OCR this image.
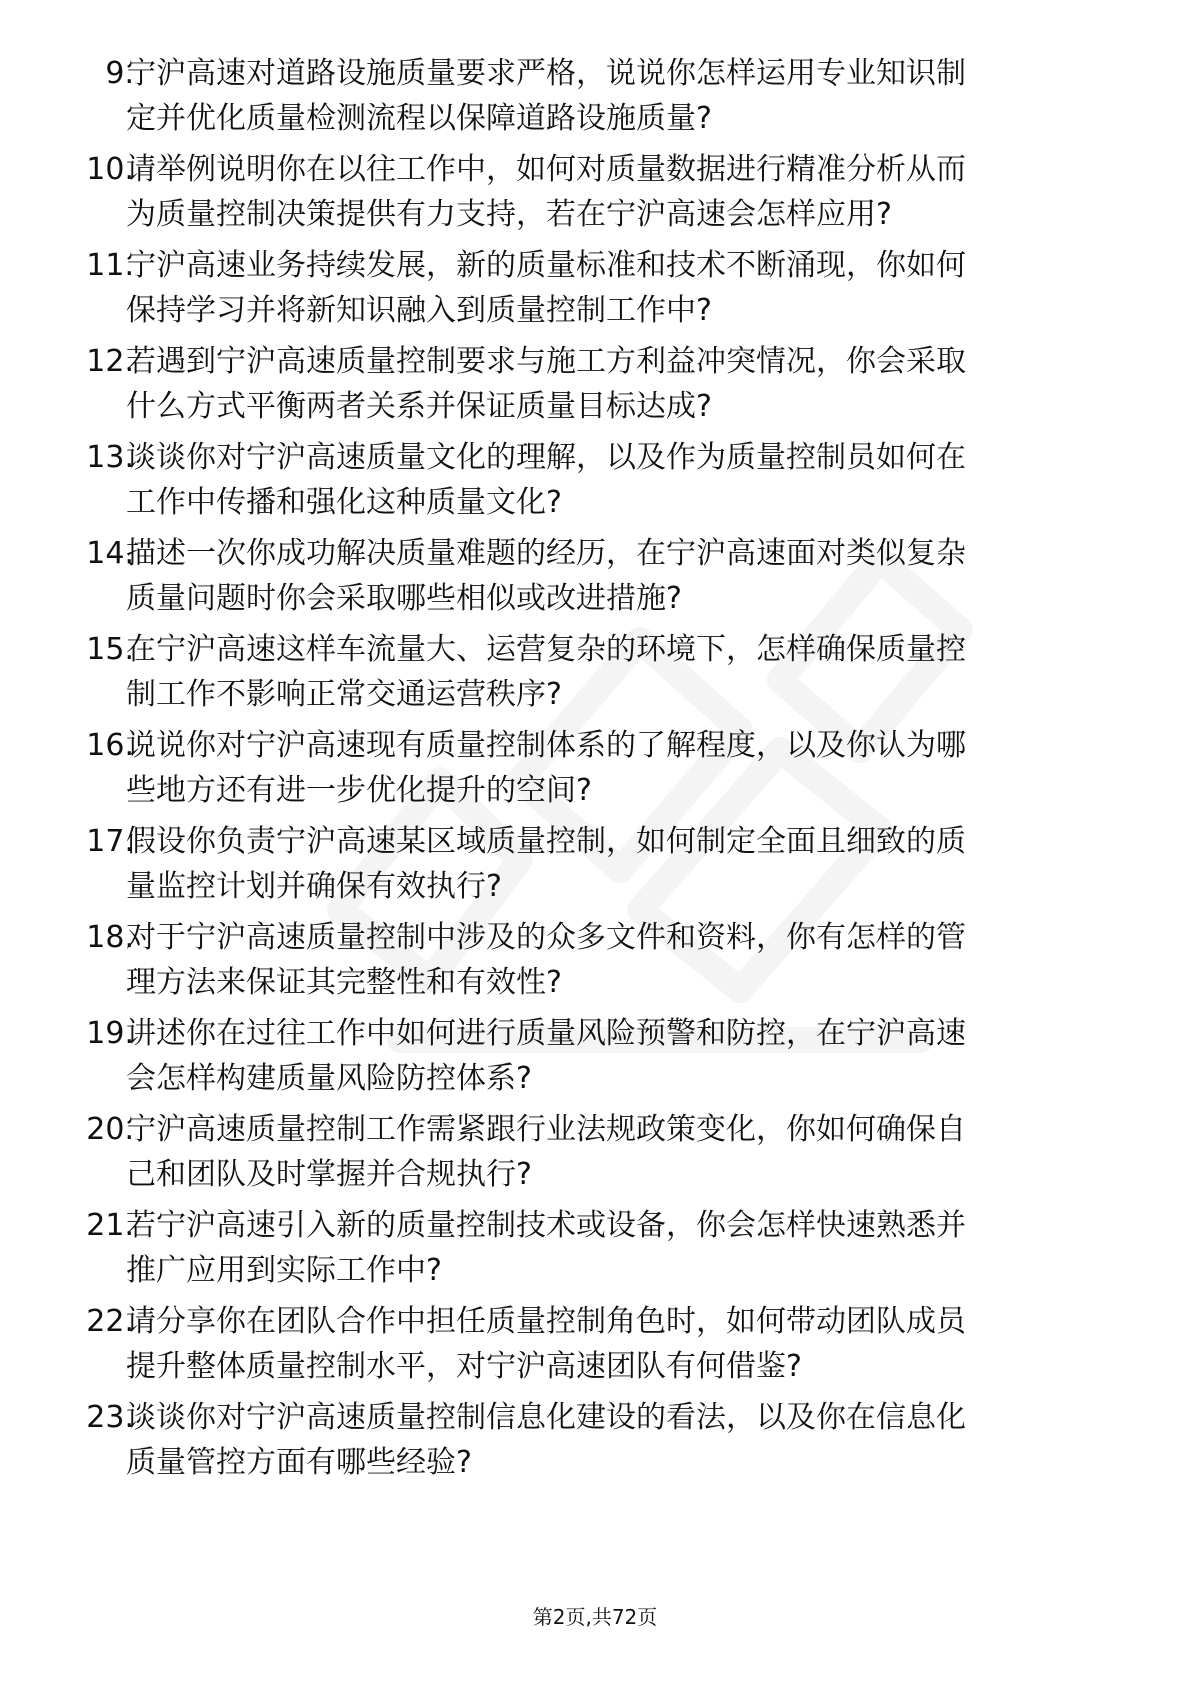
9.
宁沪高速对道路设施质量要求严格，说说你怎样运用专业知识制
定并优化质量检测流程以保障道路设施质量?
10.
请举例说明你在以往工作中，如何对质量数据进行精准分析从而
为质量控制决策提供有力支持，若在宁沪高速会怎样应用?
11.
宁沪高速业务持续发展，新的质量标准和技术不断涌现，你如何
保持学习并将新知识融入到质量控制工作中?
12.
若遇到宁沪高速质量控制要求与施工方利益冲突情况，你会采取
什么方式平衡两者关系并保证质量目标达成?
13.
谈谈你对宁沪高速质量文化的理解，以及作为质量控制员如何在
工作中传播和强化这种质量文化?
14.
描述一次你成功解决质量难题的经历，在宁沪高速面对类似复杂
质量问题时你会采取哪些相似或改进措施?
15.
在宁沪高速这样车流量大、运营复杂的环境下，怎样确保质量控
制工作不影响正常交通运营秩序?
16.
说说你对宁沪高速现有质量控制体系的了解程度，以及你认为哪
些地方还有进一步优化提升的空间?
17.
假设你负责宁沪高速某区域质量控制，如何制定全面且细致的质
量监控计划并确保有效执行?
18.
对于宁沪高速质量控制中涉及的众多文件和资料，你有怎样的管
理方法来保证其完整性和有效性?
19.
讲述你在过往工作中如何进行质量风险预警和防控，在宁沪高速
会怎样构建质量风险防控体系?
20.
宁沪高速质量控制工作需紧跟行业法规政策变化，你如何确保自
己和团队及时掌握并合规执行?
21.
若宁沪高速引入新的质量控制技术或设备，你会怎样快速熟悉并
推广应用到实际工作中?
22.
请分享你在团队合作中担任质量控制角色时，如何带动团队成员
提升整体质量控制水平，对宁沪高速团队有何借鉴?
23.
谈谈你对宁沪高速质量控制信息化建设的看法，以及你在信息化
质量管控方面有哪些经验?
第2页,共72页
